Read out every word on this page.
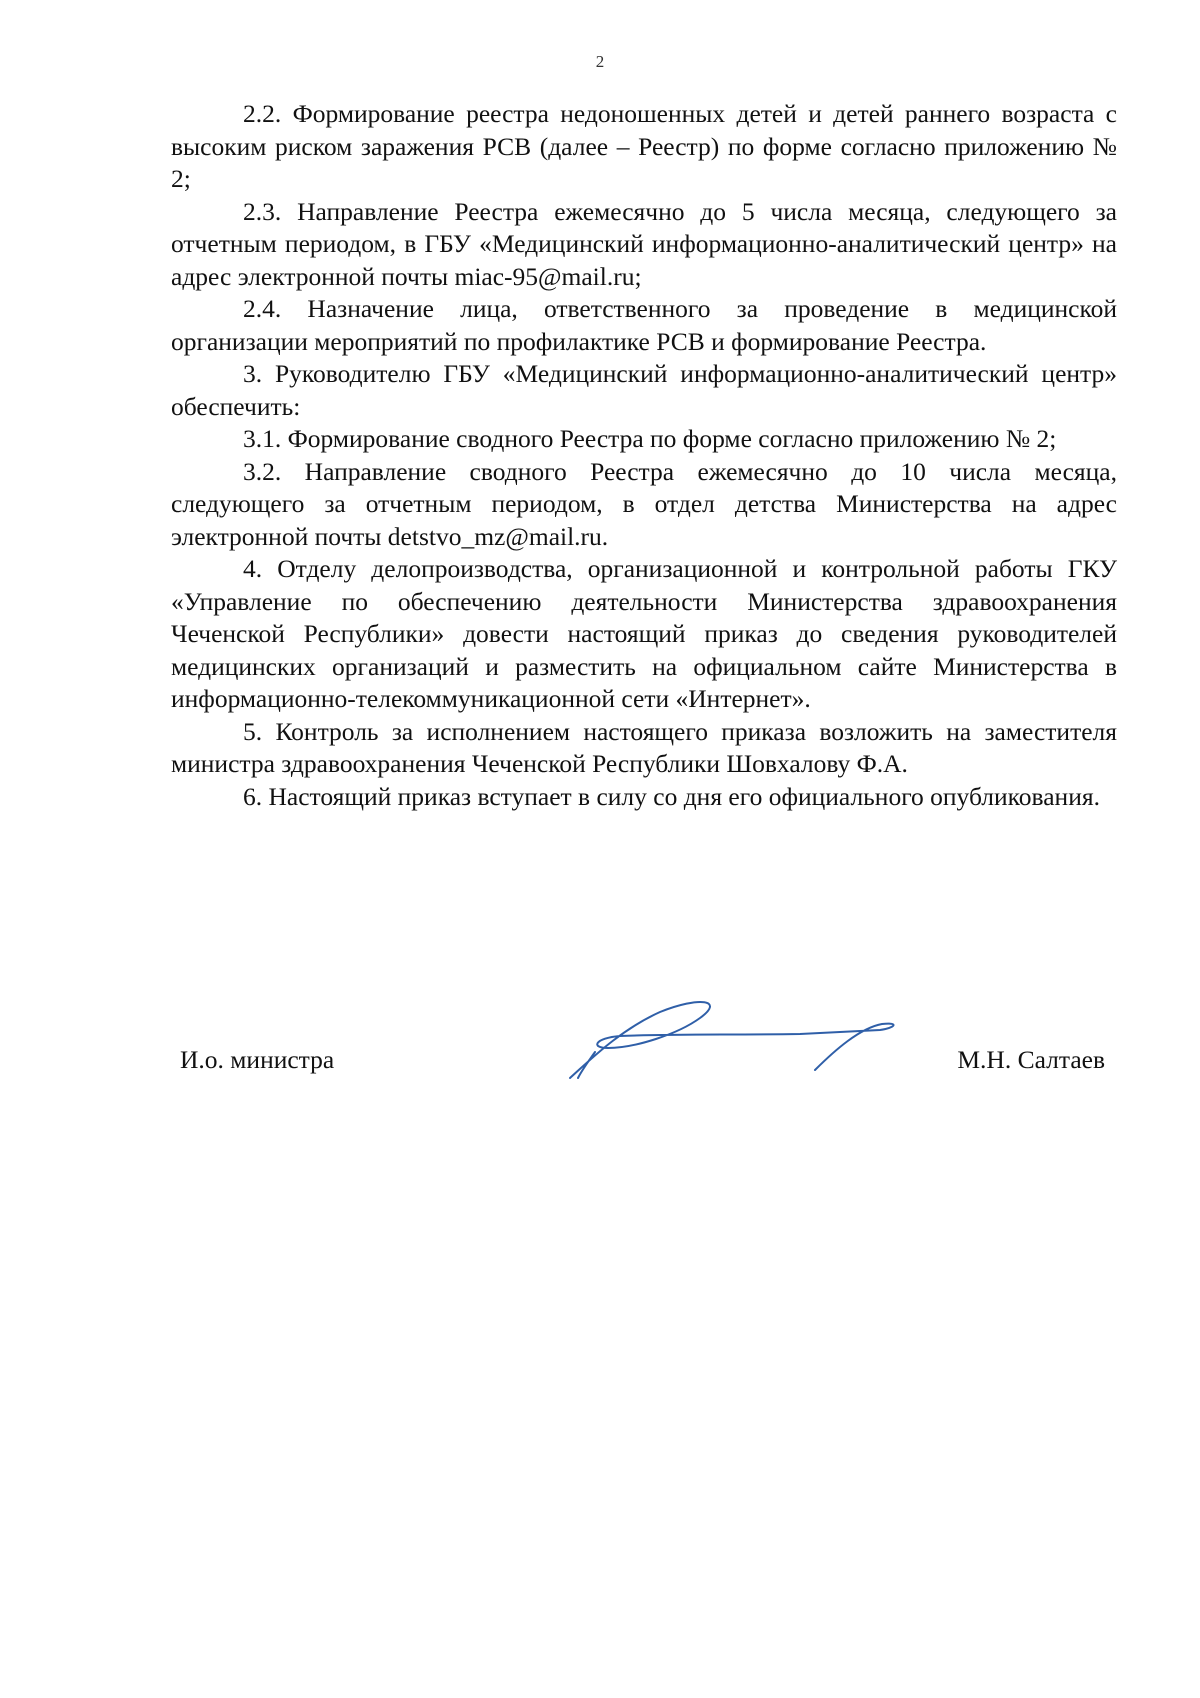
2

2.2. Формирование реестра недоношенных детей и детей раннего возраста с высоким риском заражения РСВ (далее – Реестр) по форме согласно приложению № 2;

2.3. Направление Реестра ежемесячно до 5 числа месяца, следующего за отчетным периодом, в ГБУ «Медицинский информационно-аналитический центр» на адрес электронной почты miac-95@mail.ru;

2.4. Назначение лица, ответственного за проведение в медицинской организации мероприятий по профилактике РСВ и формирование Реестра.

3. Руководителю ГБУ «Медицинский информационно-аналитический центр» обеспечить:

3.1. Формирование сводного Реестра по форме согласно приложению № 2;

3.2. Направление сводного Реестра ежемесячно до 10 числа месяца, следующего за отчетным периодом, в отдел детства Министерства на адрес электронной почты detstvo_mz@mail.ru.

4. Отделу делопроизводства, организационной и контрольной работы ГКУ «Управление по обеспечению деятельности Министерства здравоохранения Чеченской Республики» довести настоящий приказ до сведения руководителей медицинских организаций и разместить на официальном сайте Министерства в информационно-телекоммуникационной сети «Интернет».

5. Контроль за исполнением настоящего приказа возложить на заместителя министра здравоохранения Чеченской Республики Шовхалову Ф.А.

6. Настоящий приказ вступает в силу со дня его официального опубликования.

И.о. министра	М.Н. Салтаев
